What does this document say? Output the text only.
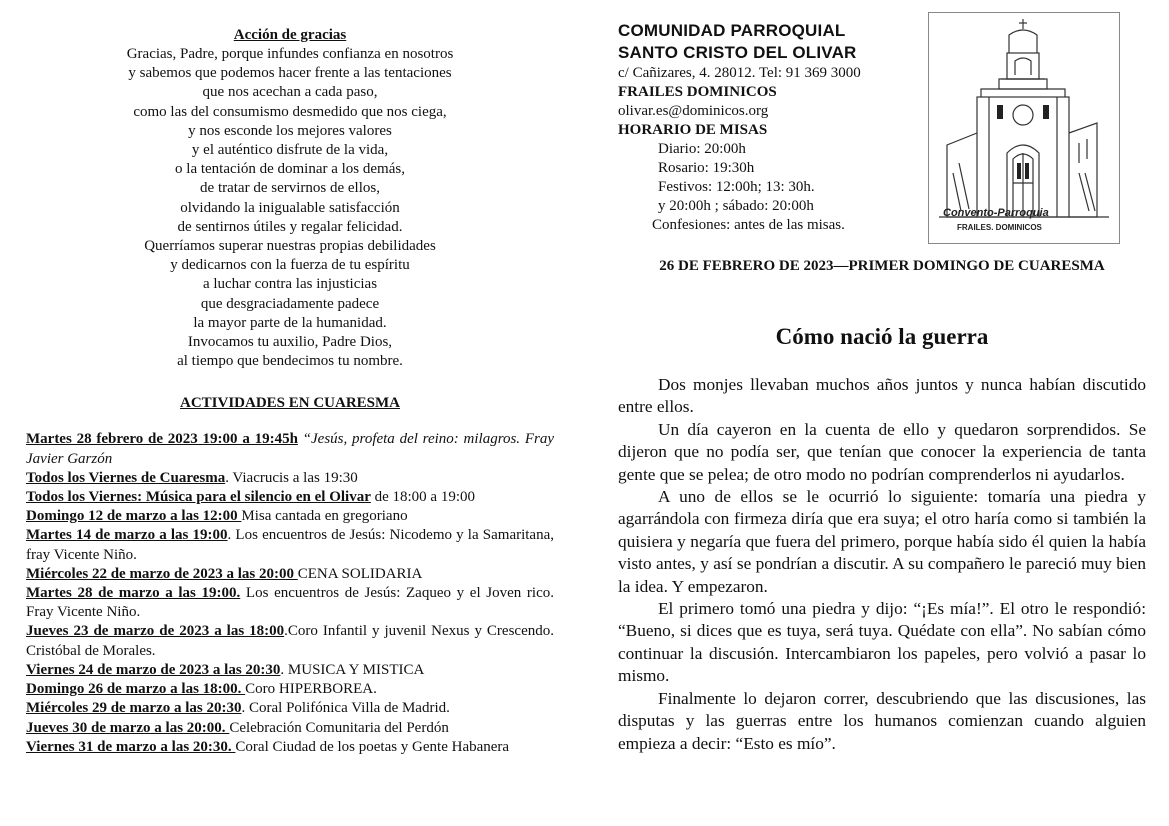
Acción de gracias

Gracias, Padre, porque infundes confianza en nosotros

y sabemos que podemos hacer frente a las tentaciones

que nos acechan a cada paso,

como las del consumismo desmedido que nos ciega,

y nos esconde los mejores valores

y el auténtico disfrute de la vida,

o la tentación de dominar a los demás,

de tratar de servirnos de ellos,

olvidando la inigualable satisfacción

de sentirnos útiles y regalar felicidad.

Querríamos superar nuestras propias debilidades

y dedicarnos con la fuerza de tu espíritu

a luchar contra las injusticias

que desgraciadamente padece

la mayor parte de la humanidad.

Invocamos tu auxilio, Padre Dios,

al tiempo que bendecimos tu nombre.

ACTIVIDADES EN CUARESMA

Martes 28 febrero de 2023 19:00 a 19:45h “Jesús, profeta del reino: milagros. Fray Javier Garzón

Todos los Viernes de Cuaresma. Viacrucis a las 19:30

Todos los Viernes: Música para el silencio en el Olivar de 18:00 a 19:00

Domingo 12 de marzo a las 12:00 Misa cantada en gregoriano

Martes 14 de marzo a las 19:00. Los encuentros de Jesús: Nicodemo y la Samaritana, fray Vicente Niño.

Miércoles 22 de marzo de 2023 a las 20:00 CENA SOLIDARIA

Martes 28 de marzo a las 19:00. Los encuentros de Jesús: Zaqueo y el Joven rico. Fray Vicente Niño.

Jueves 23 de marzo de 2023 a las 18:00.Coro Infantil y juvenil Nexus y Crescendo. Cristóbal de Morales.

Viernes 24 de marzo de 2023 a las 20:30. MUSICA Y MISTICA

Domingo 26 de marzo a las 18:00. Coro HIPERBOREA.

Miércoles 29 de marzo a las 20:30. Coral Polifónica Villa de Madrid.

Jueves 30 de marzo a las 20:00. Celebración Comunitaria del Perdón

Viernes 31 de marzo a las 20:30. Coral Ciudad de los poetas y Gente Habanera

COMUNIDAD PARROQUIAL

SANTO CRISTO DEL OLIVAR

c/ Cañizares, 4. 28012. Tel: 91 369 3000

FRAILES DOMINICOS

olivar.es@dominicos.org

HORARIO DE MISAS

Diario: 20:00h

Rosario: 19:30h

Festivos: 12:00h; 13: 30h.

y 20:00h ; sábado: 20:00h

Confesiones: antes de las misas.

Convento-Parroquia
FRAILES. DOMINICOS
26 DE FEBRERO DE 2023—PRIMER DOMINGO DE CUARESMA
Cómo nació la guerra

Dos monjes llevaban muchos años juntos y nunca habían discutido entre ellos.

Un día cayeron en la cuenta de ello y quedaron sorprendidos. Se dijeron que no podía ser, que tenían que conocer la experiencia de tanta gente que se pelea; de otro modo no podrían comprenderlos ni ayudarlos.

A uno de ellos se le ocurrió lo siguiente: tomaría una piedra y agarrándola con firmeza diría que era suya; el otro haría como si también la quisiera y negaría que fuera del primero, porque había sido él quien la había visto antes, y así se pondrían a discutir. A su compañero le pareció muy bien la idea. Y empezaron.

El primero tomó una piedra y dijo: “¡Es mía!”. El otro le respondió: “Bueno, si dices que es tuya, será tuya. Quédate con ella”. No sabían cómo continuar la discusión. Intercambiaron los papeles, pero volvió a pasar lo mismo.

Finalmente lo dejaron correr, descubriendo que las discusiones, las disputas y las guerras entre los humanos comienzan cuando alguien empieza a decir: “Esto es mío”.
